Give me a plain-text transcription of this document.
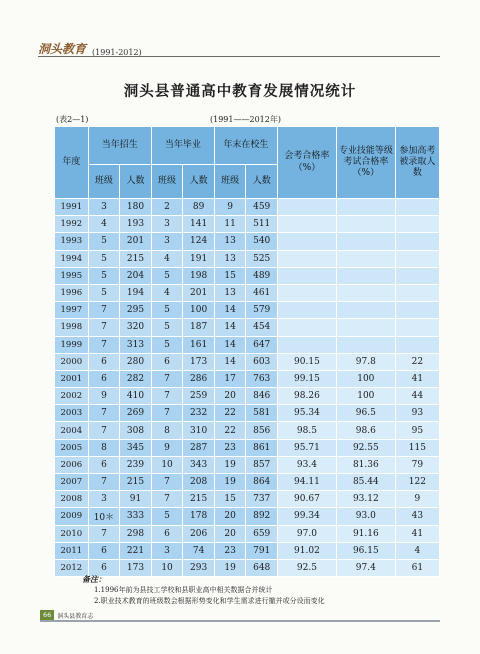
洞头教育 (1991-2012)
洞头县普通高中教育发展情况统计
(表2—1)	(1991——2012年)
年度	当年招生		当年毕业		年末在校生		会考合格率（%）	专业技能等级考试合格率（%）	参加高考被录取人数
	班级	人数	班级	人数	班级	人数			
1991	3	180	2	89	9	459			
1992	4	193	3	141	11	511			
1993	5	201	3	124	13	540			
1994	5	215	4	191	13	525			
1995	5	204	5	198	15	489			
1996	5	194	4	201	13	461			
1997	7	295	5	100	14	579			
1998	7	320	5	187	14	454			
1999	7	313	5	161	14	647			
2000	6	280	6	173	14	603	90.15	97.8	22
2001	6	282	7	286	17	763	99.15	100	41
2002	9	410	7	259	20	846	98.26	100	44
2003	7	269	7	232	22	581	95.34	96.5	93
2004	7	308	8	310	22	856	98.5	98.6	95
2005	8	345	9	287	23	861	95.71	92.55	115
2006	6	239	10	343	19	857	93.4	81.36	79
2007	7	215	7	208	19	864	94.11	85.44	122
2008	3	91	7	215	15	737	90.67	93.12	9
2009	10＊	333	5	178	20	892	99.34	93.0	43
2010	7	298	6	206	20	659	97.0	91.16	41
2011	6	221	3	74	23	791	91.02	96.15	4
2012	6	173	10	293	19	648	92.5	97.4	61
备注：
1.1996年前为县技工学校和县职业高中相关数据合并统计
2.职业技术教育的班级数会根据形势变化和学生需求进行撤并或分设而变化
66	洞头县教育志
